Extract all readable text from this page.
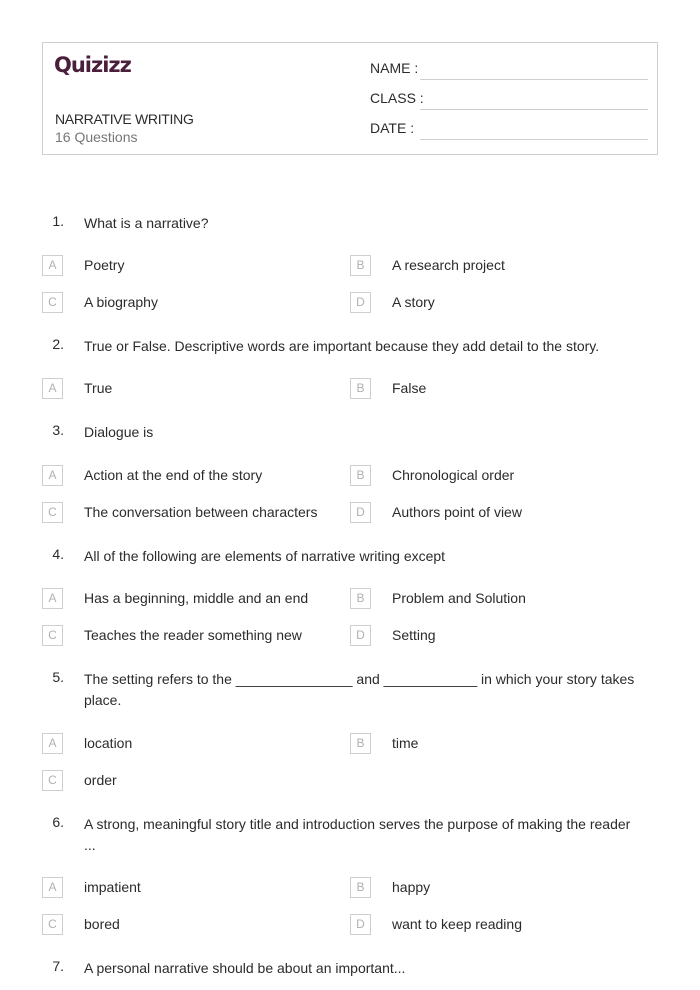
Quizizz
NARRATIVE WRITING
16 Questions
NAME :
CLASS :
DATE :
1. What is a narrative?
A	Poetry	B	A research project
C	A biography	D	A story
2. True or False. Descriptive words are important because they add detail to the story.
A	True	B	False
3. Dialogue is
A	Action at the end of the story	B	Chronological order
C	The conversation between characters	D	Authors point of view
4. All of the following are elements of narrative writing except
A	Has a beginning, middle and an end	B	Problem and Solution
C	Teaches the reader something new	D	Setting
5. The setting refers to the _______________ and ____________ in which your story takes place.
A	location	B	time
C	order
6. A strong, meaningful story title and introduction serves the purpose of making the reader ...
A	impatient	B	happy
C	bored	D	want to keep reading
7. A personal narrative should be about an important...
